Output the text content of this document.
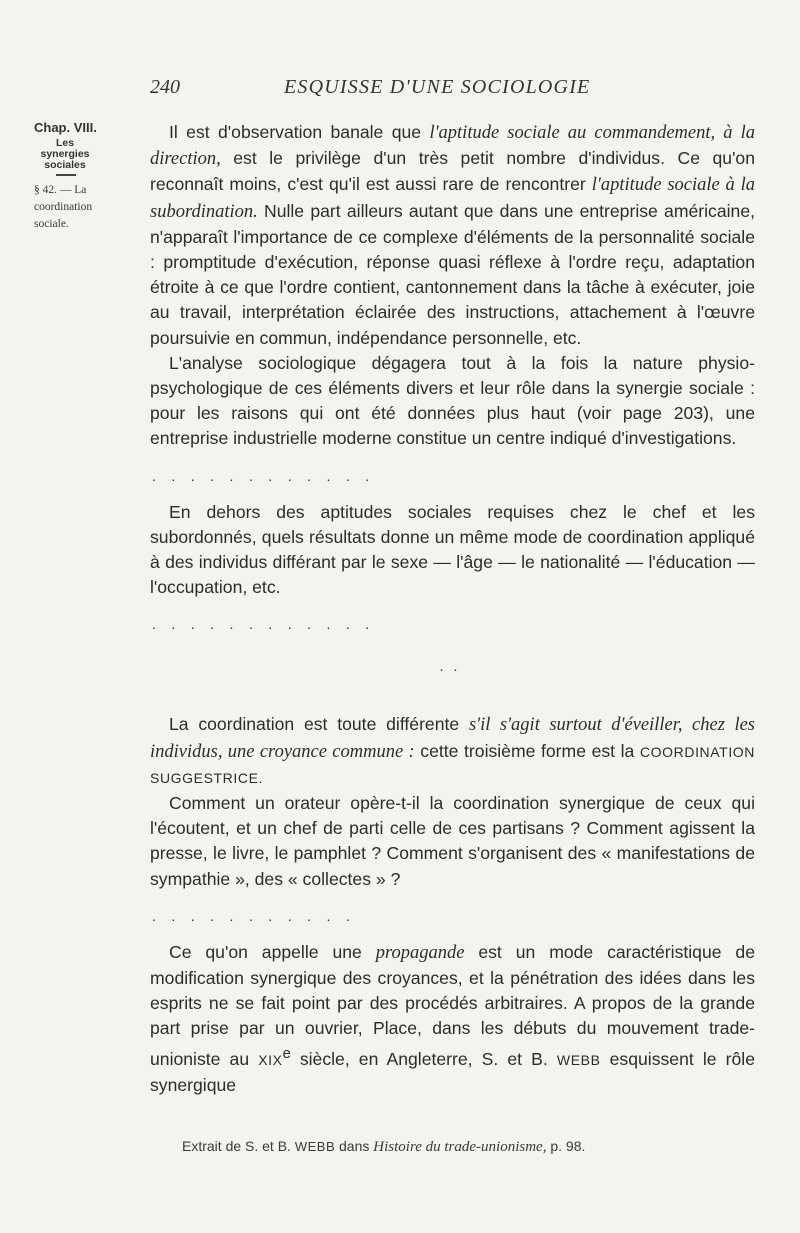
240	ESQUISSE D'UNE SOCIOLOGIE
Chap. VIII.
Les synergies sociales
§ 42. — La coordination sociale.

Il est d'observation banale que l'aptitude sociale au commandement, à la direction, est le privilège d'un très petit nombre d'individus. Ce qu'on reconnaît moins, c'est qu'il est aussi rare de rencontrer l'aptitude sociale à la subordination. Nulle part ailleurs autant que dans une entreprise américaine, n'apparaît l'importance de ce complexe d'éléments de la personnalité sociale : promptitude d'exécution, réponse quasi réflexe à l'ordre reçu, adaptation étroite à ce que l'ordre contient, cantonnement dans la tâche à exécuter, joie au travail, interprétation éclairée des instructions, attachement à l'œuvre poursuivie en commun, indépendance personnelle, etc.

L'analyse sociologique dégagera tout à la fois la nature physio-psychologique de ces éléments divers et leur rôle dans la synergie sociale : pour les raisons qui ont été données plus haut (voir page 203), une entreprise industrielle moderne constitue un centre indiqué d'investigations.

............

En dehors des aptitudes sociales requises chez le chef et les subordonnés, quels résultats donne un même mode de coordination appliqué à des individus différant par le sexe — l'âge — le nationalité — l'éducation — l'occupation, etc.

............

..

La coordination est toute différente s'il s'agit surtout d'éveiller, chez les individus, une croyance commune : cette troisième forme est la COORDINATION SUGGESTRICE.

Comment un orateur opère-t-il la coordination synergique de ceux qui l'écoutent, et un chef de parti celle de ces partisans ? Comment agissent la presse, le livre, le pamphlet ? Comment s'organisent des « manifestations de sympathie », des « collectes » ?

...........

Ce qu'on appelle une propagande est un mode caractéristique de modification synergique des croyances, et la pénétration des idées dans les esprits ne se fait point par des procédés arbitraires. A propos de la grande part prise par un ouvrier, Place, dans les débuts du mouvement trade-unioniste au XIXe siècle, en Angleterre, S. et B. WEBB esquissent le rôle synergique

Extrait de S. et B. WEBB dans Histoire du trade-unionisme, p. 98.
